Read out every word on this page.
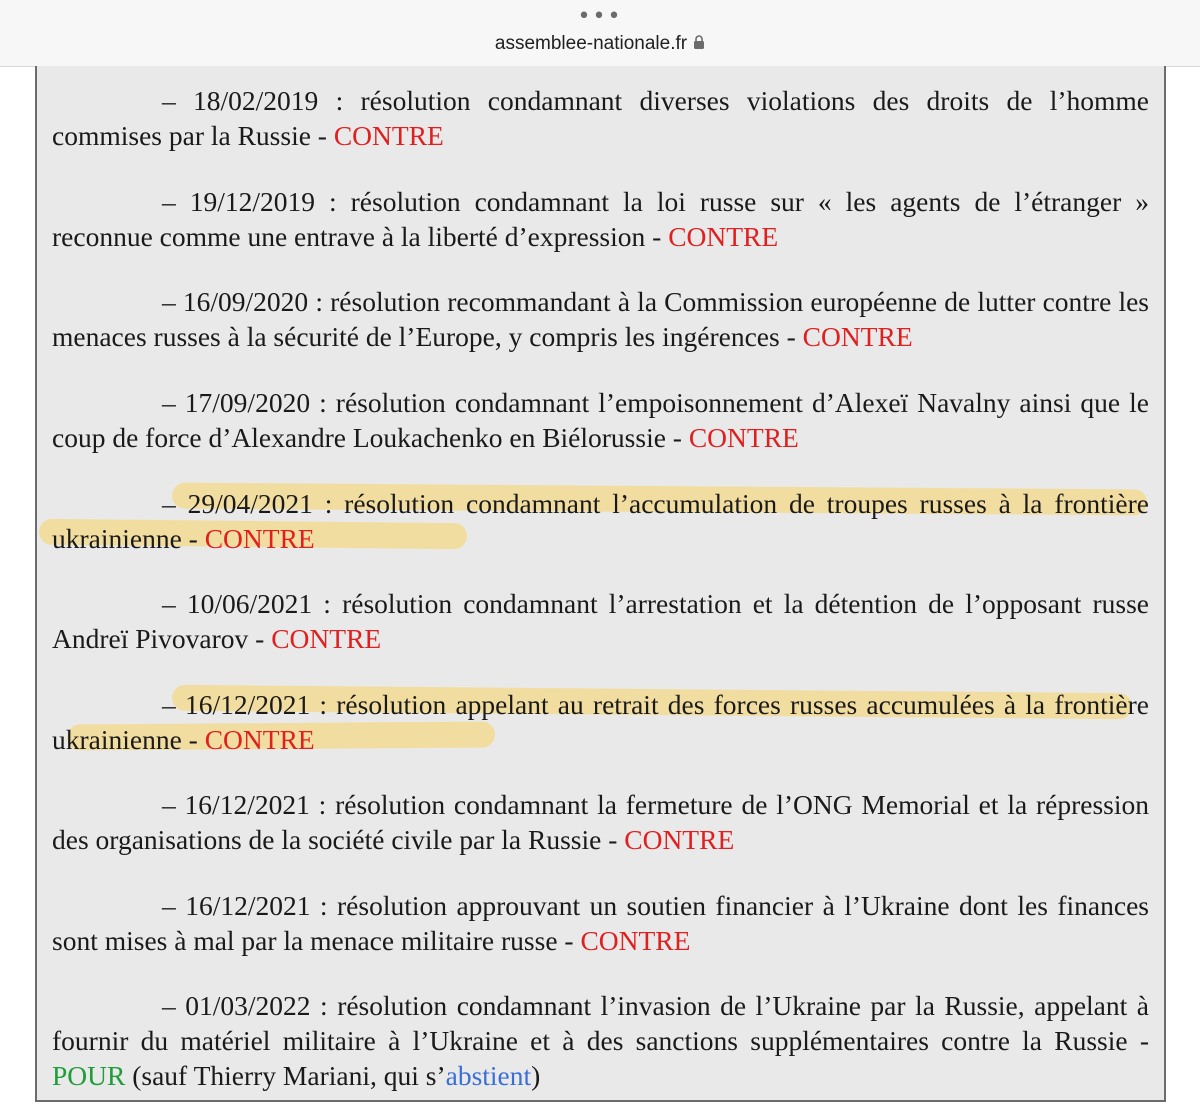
•••
assemblee-nationale.fr

– 18/02/2019 : résolution condamnant diverses violations des droits de l’homme commises par la Russie - CONTRE

– 19/12/2019 : résolution condamnant la loi russe sur « les agents de l’étranger » reconnue comme une entrave à la liberté d’expression - CONTRE

– 16/09/2020 : résolution recommandant à la Commission européenne de lutter contre les menaces russes à la sécurité de l’Europe, y compris les ingérences - CONTRE

– 17/09/2020 : résolution condamnant l’empoisonnement d’Alexeï Navalny ainsi que le coup de force d’Alexandre Loukachenko en Biélorussie - CONTRE

– 29/04/2021 : résolution condamnant l’accumulation de troupes russes à la frontière ukrainienne - CONTRE

– 10/06/2021 : résolution condamnant l’arrestation et la détention de l’opposant russe Andreï Pivovarov - CONTRE

– 16/12/2021 : résolution appelant au retrait des forces russes accumulées à la frontière ukrainienne - CONTRE

– 16/12/2021 : résolution condamnant la fermeture de l’ONG Memorial et la répression des organisations de la société civile par la Russie - CONTRE

– 16/12/2021 : résolution approuvant un soutien financier à l’Ukraine dont les finances sont mises à mal par la menace militaire russe - CONTRE

– 01/03/2022 : résolution condamnant l’invasion de l’Ukraine par la Russie, appelant à fournir du matériel militaire à l’Ukraine et à des sanctions supplémentaires contre la Russie - POUR (sauf Thierry Mariani, qui s’abstient)
